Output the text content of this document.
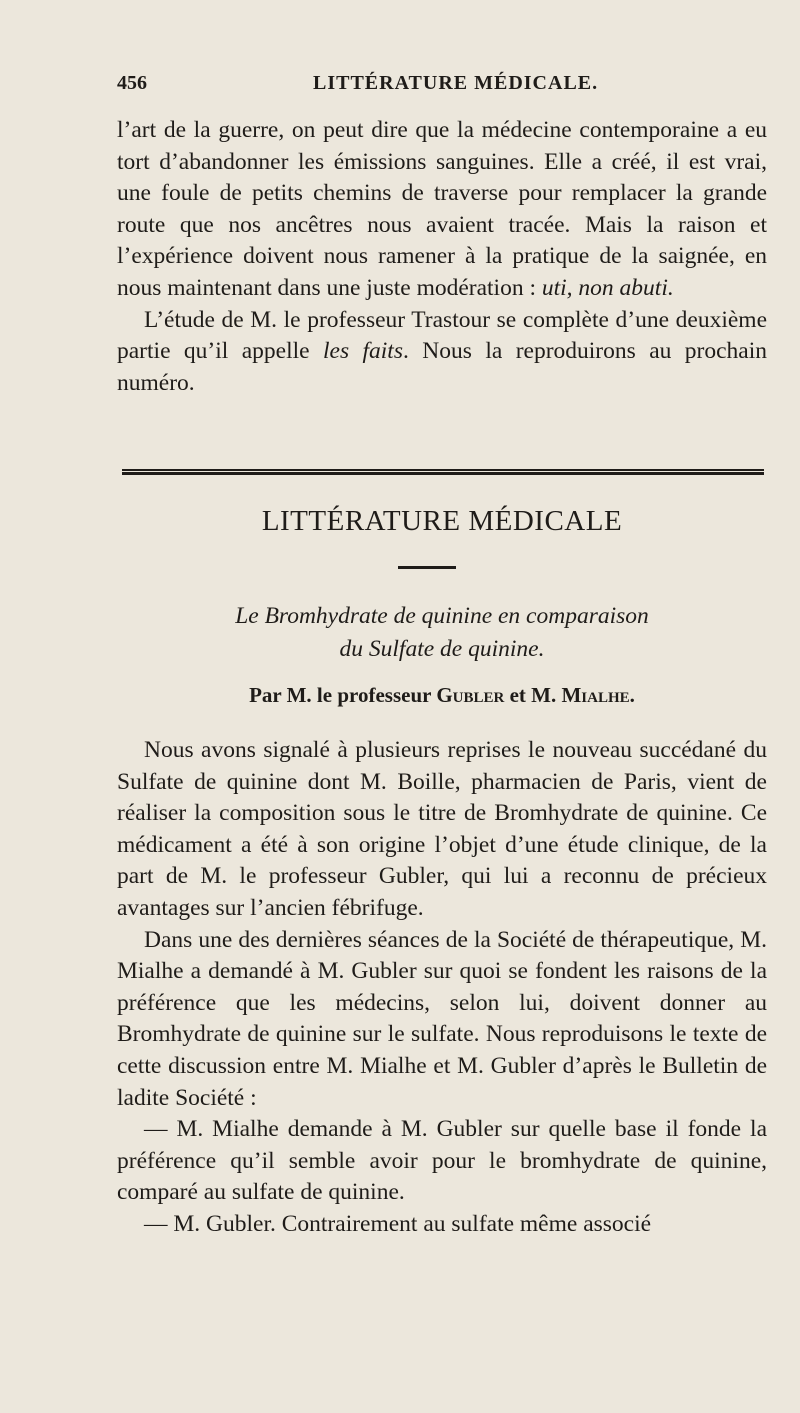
456	LITTÉRATURE MÉDICALE.

l’art de la guerre, on peut dire que la médecine contemporaine a eu tort d’abandonner les émissions sanguines. Elle a créé, il est vrai, une foule de petits chemins de traverse pour remplacer la grande route que nos ancêtres nous avaient tracée. Mais la raison et l’expérience doivent nous ramener à la pratique de la saignée, en nous maintenant dans une juste modération : uti, non abuti.

L’étude de M. le professeur Trastour se complète d’une deuxième partie qu’il appelle les faits. Nous la reproduirons au prochain numéro.

LITTÉRATURE MÉDICALE
Le Bromhydrate de quinine en comparaison
du Sulfate de quinine.
Par M. le professeur Gubler et M. Mialhe.

Nous avons signalé à plusieurs reprises le nouveau succédané du Sulfate de quinine dont M. Boille, pharmacien de Paris, vient de réaliser la composition sous le titre de Bromhydrate de quinine. Ce médicament a été à son origine l’objet d’une étude clinique, de la part de M. le professeur Gubler, qui lui a reconnu de précieux avantages sur l’ancien fébrifuge.

Dans une des dernières séances de la Société de thérapeutique, M. Mialhe a demandé à M. Gubler sur quoi se fondent les raisons de la préférence que les médecins, selon lui, doivent donner au Bromhydrate de quinine sur le sulfate. Nous reproduisons le texte de cette discussion entre M. Mialhe et M. Gubler d’après le Bulletin de ladite Société :

— M. Mialhe demande à M. Gubler sur quelle base il fonde la préférence qu’il semble avoir pour le bromhydrate de quinine, comparé au sulfate de quinine.

— M. Gubler. Contrairement au sulfate même associé
